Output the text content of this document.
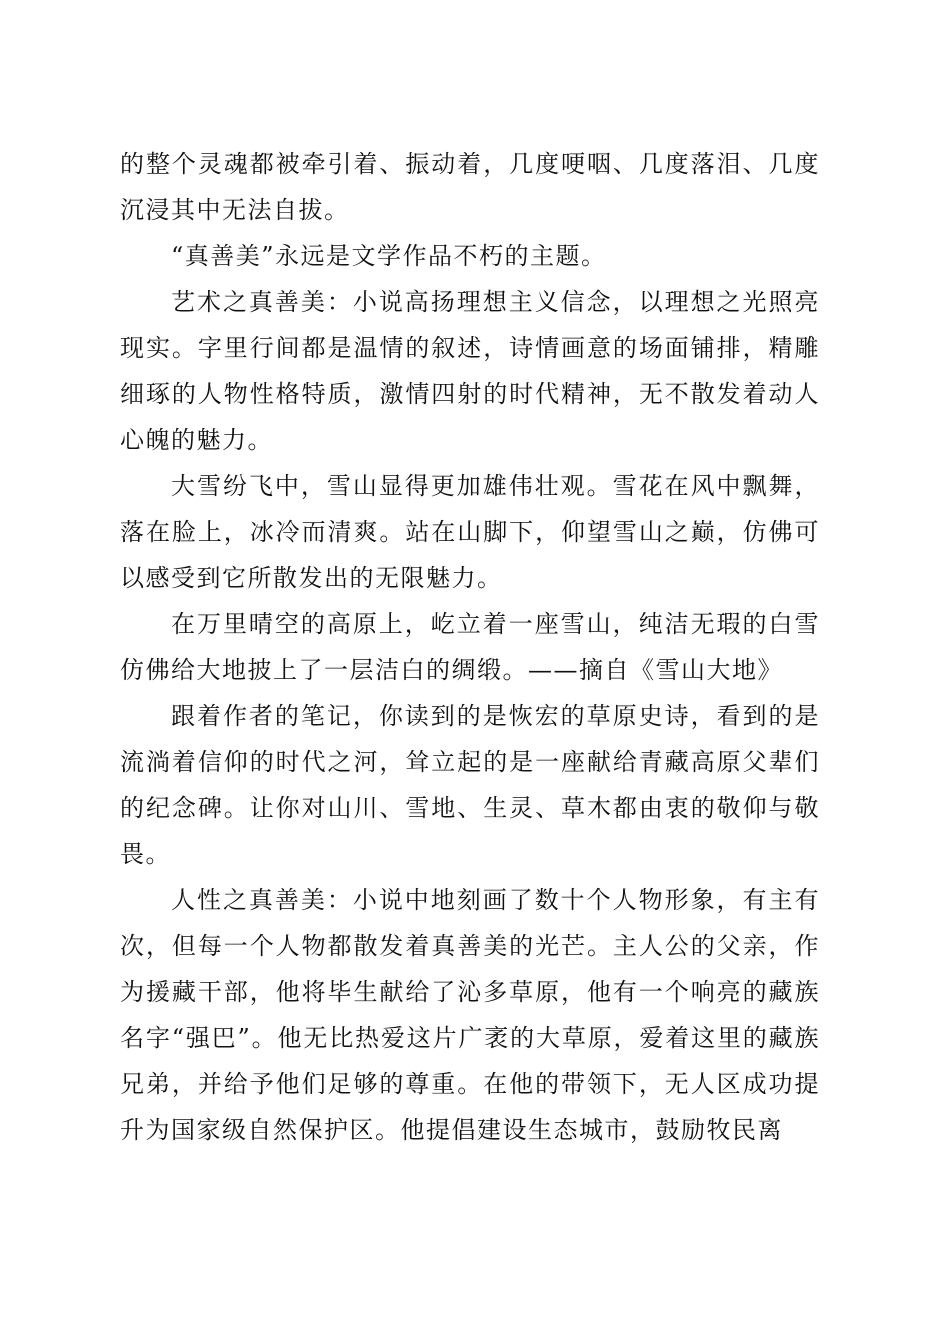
的整个灵魂都被牵引着、振动着，几度哽咽、几度落泪、几度沉浸其中无法自拔。

“真善美”永远是文学作品不朽的主题。

艺术之真善美：小说高扬理想主义信念，以理想之光照亮现实。字里行间都是温情的叙述，诗情画意的场面铺排，精雕细琢的人物性格特质，激情四射的时代精神，无不散发着动人心魄的魅力。

大雪纷飞中，雪山显得更加雄伟壮观。雪花在风中飘舞，落在脸上，冰冷而清爽。站在山脚下，仰望雪山之巅，仿佛可以感受到它所散发出的无限魅力。

在万里晴空的高原上，屹立着一座雪山，纯洁无瑕的白雪仿佛给大地披上了一层洁白的绸缎。——摘自《雪山大地》

跟着作者的笔记，你读到的是恢宏的草原史诗，看到的是流淌着信仰的时代之河，耸立起的是一座献给青藏高原父辈们的纪念碑。让你对山川、雪地、生灵、草木都由衷的敬仰与敬畏。

人性之真善美：小说中地刻画了数十个人物形象，有主有次，但每一个人物都散发着真善美的光芒。主人公的父亲，作为援藏干部，他将毕生献给了沁多草原，他有一个响亮的藏族名字“强巴”。他无比热爱这片广袤的大草原，爱着这里的藏族兄弟，并给予他们足够的尊重。在他的带领下，无人区成功提升为国家级自然保护区。他提倡建设生态城市，鼓励牧民离
